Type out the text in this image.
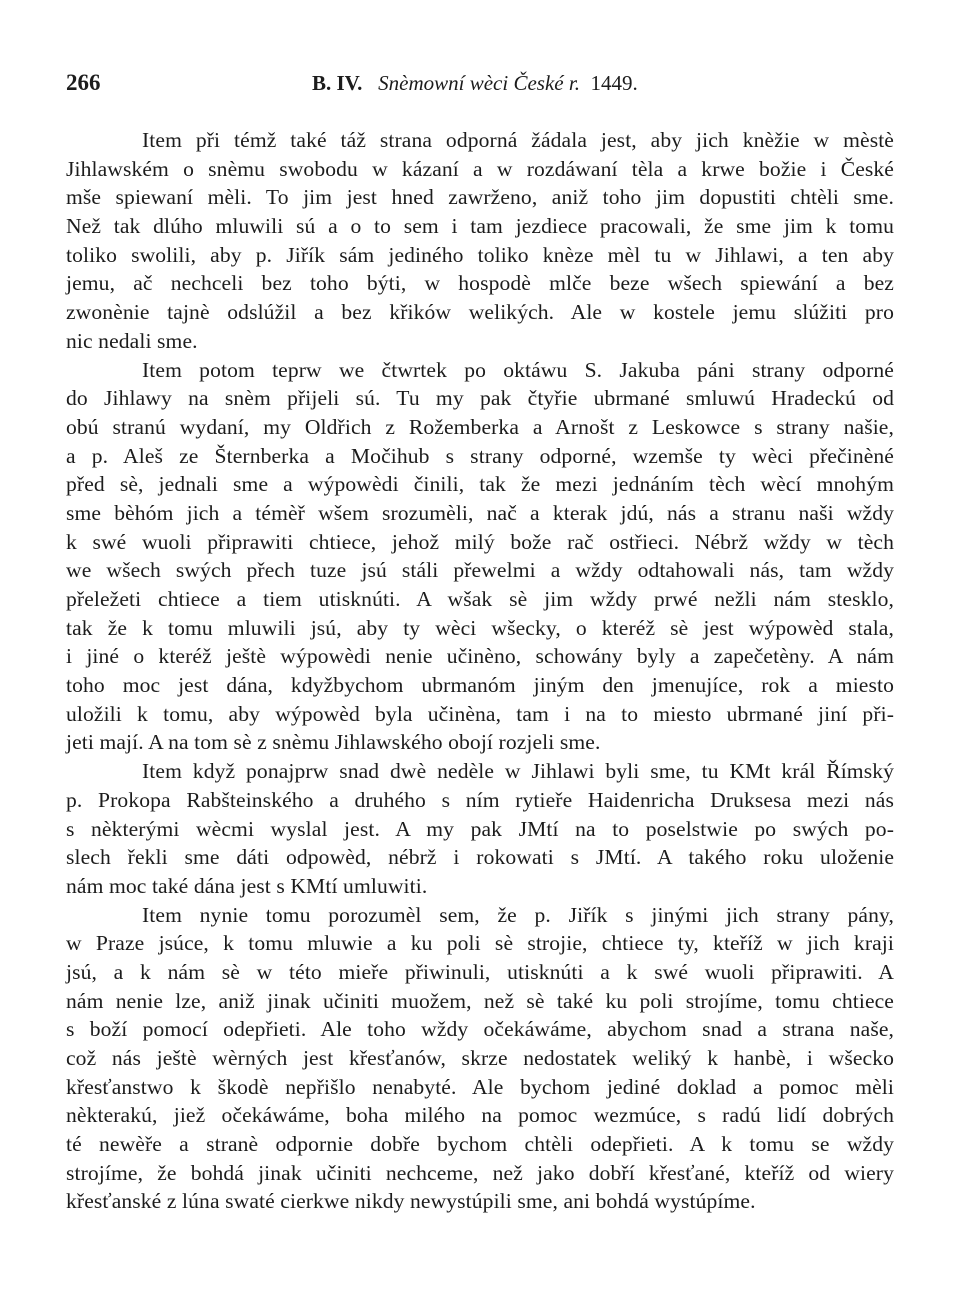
266	B. IV. Snèmowní wèci České r. 1449.
Item při témž také táž strana odporná žádala jest, aby jich knèžie w mèstè
Jihlawském o snèmu swobodu w kázaní a w rozdáwaní tèla a krwe božie i České
mše spiewaní mèli. To jim jest hned zawrženo, aniž toho jim dopustiti chtèli sme.
Než tak dlúho mluwili sú a o to sem i tam jezdiece pracowali, že sme jim k tomu
toliko swolili, aby p. Jiřík sám jediného toliko knèze mèl tu w Jihlawi, a ten aby
jemu, ač nechceli bez toho býti, w hospodè mlče beze wšech spiewání a bez
zwonènie tajnè odslúžil a bez křików welikých. Ale w kostele jemu slúžiti pro
nic nedali sme.
Item potom teprw we čtwrtek po oktáwu S. Jakuba páni strany odporné
do Jihlawy na snèm přijeli sú. Tu my pak čtyřie ubrmané smluwú Hradeckú od
obú stranú wydaní, my Oldřich z Rožemberka a Arnošt z Leskowce s strany našie,
a p. Aleš ze Šternberka a Močihub s strany odporné, wzemše ty wèci přečinèné
před sè, jednali sme a wýpowèdi činili, tak že mezi jednáním tèch wècí mnohým
sme bèhóm jich a témèř wšem srozumèli, nač a kterak jdú, nás a stranu naši wždy
k swé wuoli připrawiti chtiece, jehož milý bože rač ostřieci. Nébrž wždy w tèch
we wšech swých přech tuze jsú stáli přewelmi a wždy odtahowali nás, tam wždy
přeležeti chtiece a tiem utisknúti. A wšak sè jim wždy prwé nežli nám stesklo,
tak že k tomu mluwili jsú, aby ty wèci wšecky, o kteréž sè jest wýpowèd stala,
i jiné o kteréž ještè wýpowèdi nenie učinèno, schowány byly a zapečetèny. A nám
toho moc jest dána, kdyžbychom ubrmanóm jiným den jmenujíce, rok a miesto
uložili k tomu, aby wýpowèd byla učinèna, tam i na to miesto ubrmané jiní při-
jeti mají. A na tom sè z snèmu Jihlawského obojí rozjeli sme.
Item když ponajprw snad dwè nedèle w Jihlawi byli sme, tu KMt král Římský
p. Prokopa Rabšteinského a druhého s ním rytieře Haidenricha Druksesa mezi nás
s nèkterými wècmi wyslal jest. A my pak JMtí na to poselstwie po swých po-
slech řekli sme dáti odpowèd, nébrž i rokowati s JMtí. A takého roku uloženie
nám moc také dána jest s KMtí umluwiti.
Item nynie tomu porozumèl sem, že p. Jiřík s jinými jich strany pány,
w Praze jsúce, k tomu mluwie a ku poli sè strojie, chtiece ty, kteříž w jich kraji
jsú, a k nám sè w této mieře přiwinuli, utisknúti a k swé wuoli připrawiti. A
nám nenie lze, aniž jinak učiniti muožem, než sè také ku poli strojíme, tomu chtiece
s boží pomocí odepřieti. Ale toho wždy očekáwáme, abychom snad a strana naše,
což nás ještè wèrných jest křesťanów, skrze nedostatek weliký k hanbè, i wšecko
křesťanstwo k škodè nepřišlo nenabyté. Ale bychom jediné doklad a pomoc mèli
nèkterakú, jiež očekáwáme, boha milého na pomoc wezmúce, s radú lidí dobrých
té newèře a stranè odpornie dobře bychom chtèli odepřieti. A k tomu se wždy
strojíme, že bohdá jinak učiniti nechceme, než jako dobří křesťané, kteříž od wiery
křesťanské z lúna swaté cierkwe nikdy newystúpili sme, ani bohdá wystúpíme.
